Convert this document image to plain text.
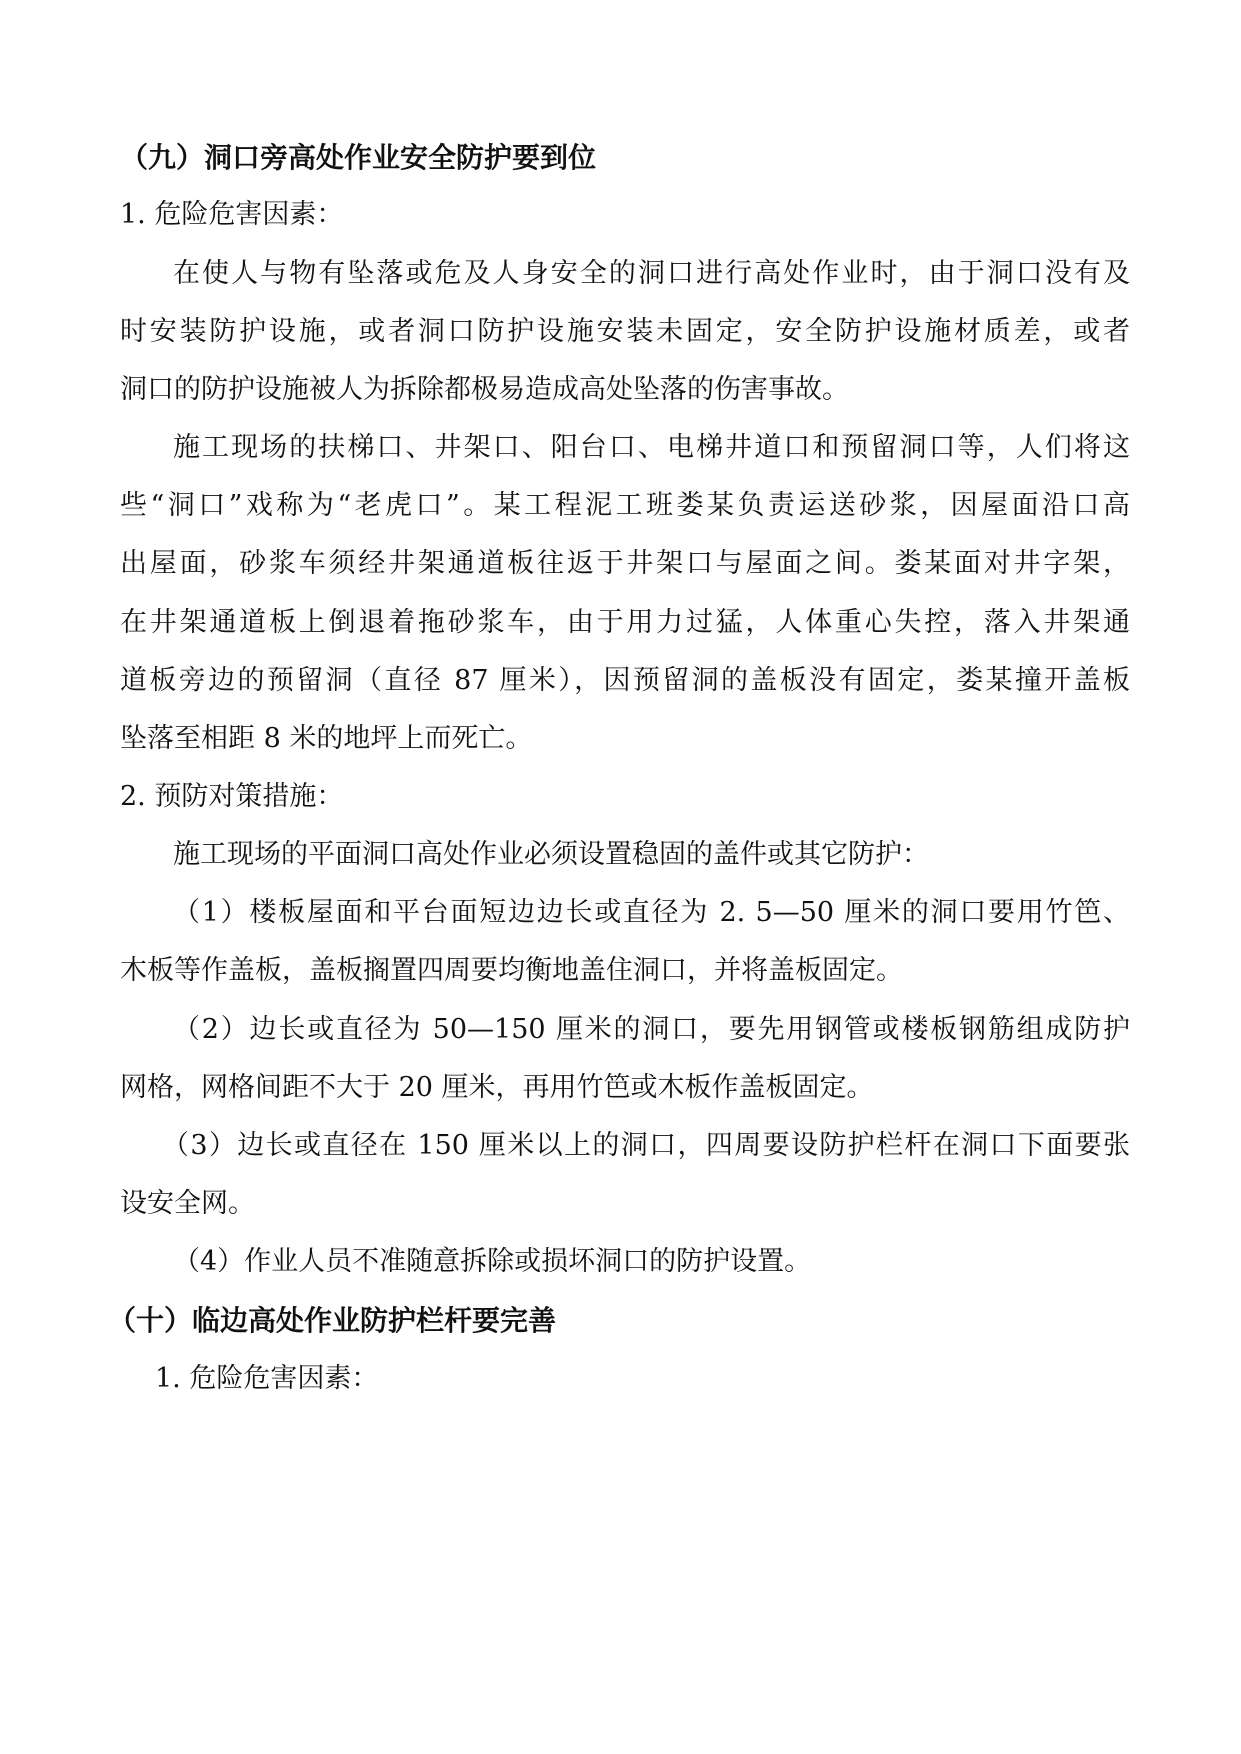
（九）洞口旁高处作业安全防护要到位
1. 危险危害因素：
在使人与物有坠落或危及人身安全的洞口进行高处作业时，由于洞口没有及
时安装防护设施，或者洞口防护设施安装未固定，安全防护设施材质差，或者
洞口的防护设施被人为拆除都极易造成高处坠落的伤害事故。
施工现场的扶梯口、井架口、阳台口、电梯井道口和预留洞口等，人们将这
些“洞口”戏称为“老虎口”。某工程泥工班娄某负责运送砂浆，因屋面沿口高
出屋面，砂浆车须经井架通道板往返于井架口与屋面之间。娄某面对井字架，
在井架通道板上倒退着拖砂浆车，由于用力过猛，人体重心失控，落入井架通
道板旁边的预留洞（直径 87 厘米），因预留洞的盖板没有固定，娄某撞开盖板
坠落至相距 8 米的地坪上而死亡。
2. 预防对策措施：
施工现场的平面洞口高处作业必须设置稳固的盖件或其它防护：
（1）楼板屋面和平台面短边边长或直径为 2. 5—50 厘米的洞口要用竹笆、
木板等作盖板，盖板搁置四周要均衡地盖住洞口，并将盖板固定。
（2）边长或直径为 50—150 厘米的洞口，要先用钢管或楼板钢筋组成防护
网格，网格间距不大于 20 厘米，再用竹笆或木板作盖板固定。
（3）边长或直径在 150 厘米以上的洞口，四周要设防护栏杆在洞口下面要张
设安全网。
（4）作业人员不准随意拆除或损坏洞口的防护设置。
（十）临边高处作业防护栏杆要完善
1. 危险危害因素：
